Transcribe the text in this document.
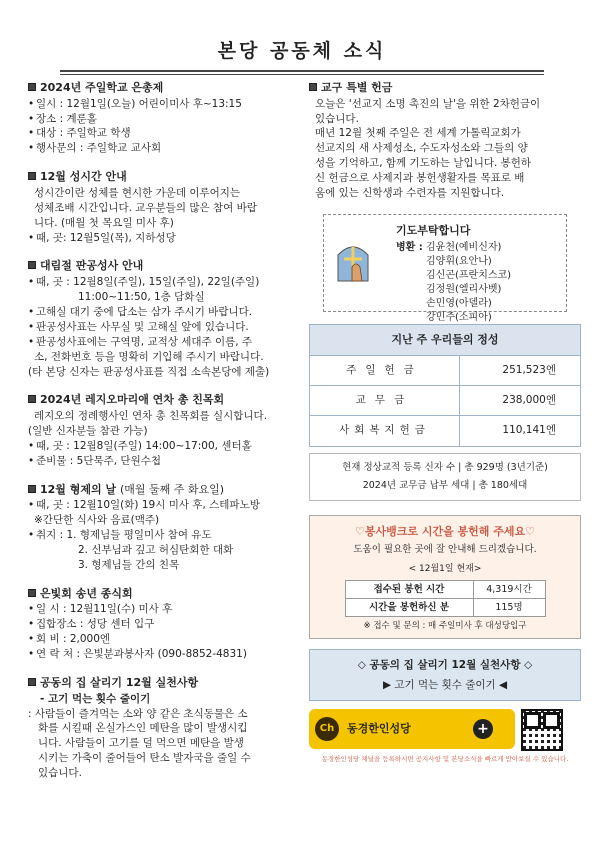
본당 공동체 소식
2024년 주일학교 은총제
• 일시 : 12월1일(오늘) 어린이미사 후~13:15
• 장소 : 계룬홀
• 대상 : 주일학교 학생
• 행사문의 : 주일학교 교사회
12월 성시간 안내
성시간이란 성체를 현시한 가운데 이루어지는
성체조배 시간입니다. 교우분들의 많은 참여 바랍
니다. (매월 첫 목요일 미사 후)
• 때, 곳: 12월5일(목), 지하성당
대림절 판공성사 안내
• 때, 곳 : 12월8일(주일), 15일(주일), 22일(주일)
11:00~11:50, 1층 담화실
• 고해실 대기 중에 답소는 삼가 주시기 바랍니다.
• 판공성사표는 사무실 및 고해실 앞에 있습니다.
• 판공성사표에는 구역명, 교적상 세대주 이름, 주
소, 전화번호 등을 명확히 기입해 주시기 바랍니다.
(타 본당 신자는 판공성사표를 직접 소속본당에 제출)
2024년 레지오마리애 연차 총 친목회
레지오의 정례행사인 연차 총 친목회를 실시합니다.
(일반 신자분들 참관 가능)
• 때, 곳 : 12월8일(주일) 14:00~17:00, 센터홀
• 준비물 : 5단묵주, 단원수첩
12월 형제의 날 (매월 둘째 주 화요일)
• 때, 곳 : 12월10일(화) 19시 미사 후, 스테파노방
※간단한 식사와 음료(맥주)
• 취지 : 1. 형제님들 평일미사 참여 유도
2. 신부님과 깊고 허심탄회한 대화
3. 형제님들 간의 친목
은빛회 송년 종식회
• 일 시 : 12월11일(수) 미사 후
• 집합장소 : 성당 센터 입구
• 회 비 : 2,000엔
• 연 락 처 : 은빛분과봉사자 (090-8852-4831)
공동의 집 살리기 12월 실천사항
- 고기 먹는 횟수 줄이기
: 사람들이 즐겨먹는 소와 양 같은 초식동물은 소
화를 시킬때 온실가스인 메탄을 많이 발생시킵
니다. 사람들이 고기를 덜 먹으면 메탄을 발생
시키는 가축이 줄어들어 탄소 발자국을 줄일 수
있습니다.
교구 특별 헌금
오늘은 '선교지 소명 촉진의 날'을 위한 2차헌금이
있습니다.
매년 12월 첫째 주일은 전 세계 가톨릭교회가
선교지의 새 사제성소, 수도자성소와 그들의 양
성을 기억하고, 함께 기도하는 날입니다. 봉헌하
신 헌금으로 사제지과 봉헌생활자를 목표로 배
움에 있는 신학생과 수련자를 지원합니다.
기도부탁합니다
병환 : 김윤천(예비신자)
김양휘(요안나)
김신곤(프란치스코)
김정원(엘리사벳)
손민영(아델라)
강민주(소피아)
지난 주 우리들의 정성
주일헌금	251,523엔
교무금	238,000엔
사회복지헌금	110,141엔
현재 정상교적 등록 신자 수 | 총 929명 (3년기준)
2024년 교무금 납부 세대 | 총 180세대
♡봉사뱅크로 시간을 봉헌해 주세요♡
도움이 필요한 곳에 잘 안내해 드리겠습니다.
< 12월1일 현재>
접수된 봉헌 시간	4,319시간
시간을 봉헌하신 분	115명
※ 접수 및 문의 : 매 주일미사 후 대성당입구
◇ 공동의 집 살리기 12월 실천사항 ◇
▶ 고기 먹는 횟수 줄이기 ◀
Ch	동경한인성당	+
동경한인성당 채널을 등록하시면 공지사항 및 본당소식을 빠르게 받아보실 수 있습니다.
